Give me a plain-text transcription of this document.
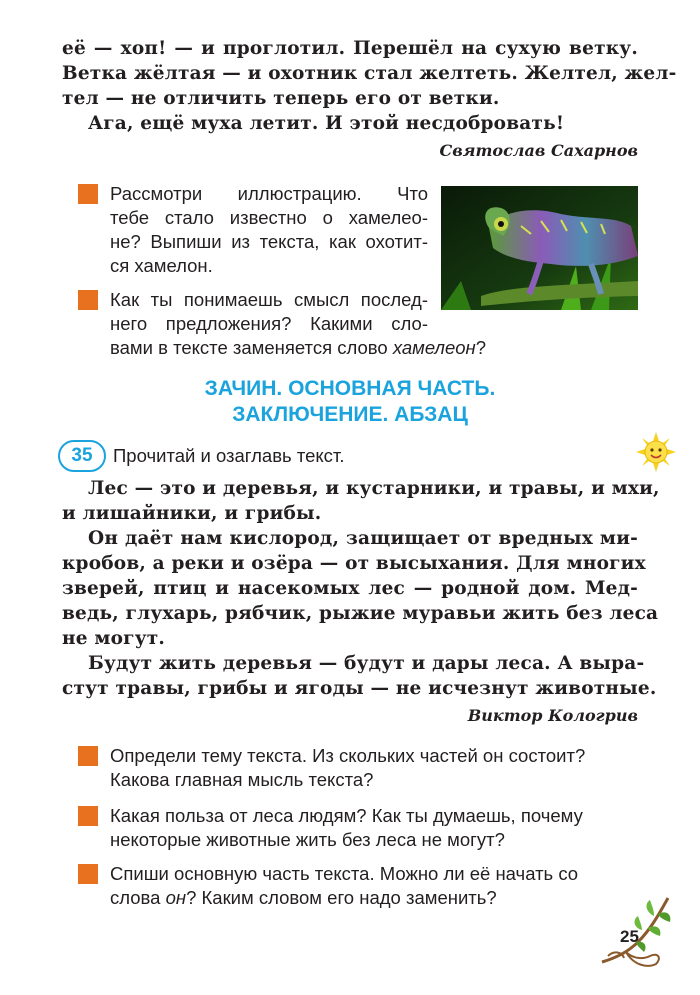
её — хоп! — и проглотил. Перешёл на сухую ветку.
Ветка жёлтая — и охотник стал желтеть. Желтел, жел-
тел — не отличить теперь его от ветки.
Ага, ещё муха летит. И этой несдобровать!
Святослав Сахарнов
Рассмотри иллюстрацию. Что
тебе стало известно о хамелео-
не? Выпиши из текста, как охотит-
ся хамелон.
Как ты понимаешь смысл послед-
него предложения? Какими сло-
вами в тексте заменяется слово хамелеон?
ЗАЧИН. ОСНОВНАЯ ЧАСТЬ.
ЗАКЛЮЧЕНИЕ. АБЗАЦ
35	Прочитай и озаглавь текст.
Лес — это и деревья, и кустарники, и травы, и мхи,
и лишайники, и грибы.
Он даёт нам кислород, защищает от вредных ми-
кробов, а реки и озёра — от высыхания. Для многих
зверей, птиц и насекомых лес — родной дом. Мед-
ведь, глухарь, рябчик, рыжие муравьи жить без леса
не могут.
Будут жить деревья — будут и дары леса. А выра-
стут травы, грибы и ягоды — не исчезнут животные.
Виктор Кологрив
Определи тему текста. Из скольких частей он состоит?
Какова главная мысль текста?
Какая польза от леса людям? Как ты думаешь, почему
некоторые животные жить без леса не могут?
Спиши основную часть текста. Можно ли её начать со
слова он? Каким словом его надо заменить?
25
